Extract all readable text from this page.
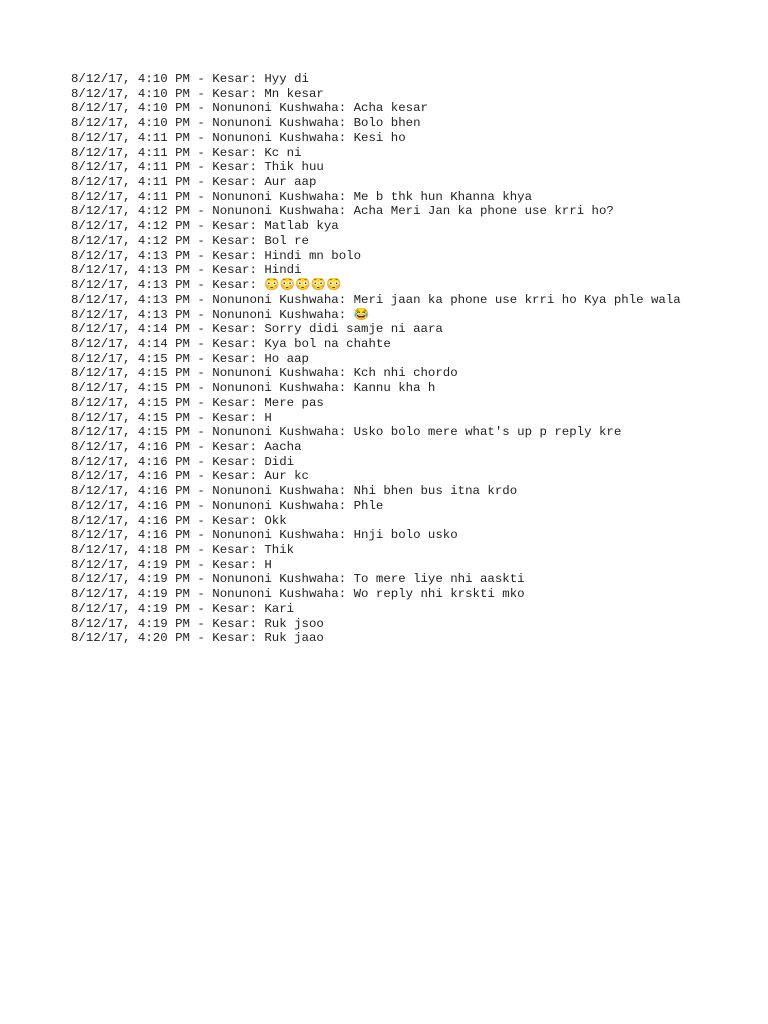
8/12/17, 4:10 PM - Kesar: Hyy di
8/12/17, 4:10 PM - Kesar: Mn kesar
8/12/17, 4:10 PM - Nonunoni Kushwaha: Acha kesar
8/12/17, 4:10 PM - Nonunoni Kushwaha: Bolo bhen
8/12/17, 4:11 PM - Nonunoni Kushwaha: Kesi ho
8/12/17, 4:11 PM - Kesar: Kc ni
8/12/17, 4:11 PM - Kesar: Thik huu
8/12/17, 4:11 PM - Kesar: Aur aap
8/12/17, 4:11 PM - Nonunoni Kushwaha: Me b thk hun Khanna khya
8/12/17, 4:12 PM - Nonunoni Kushwaha: Acha Meri Jan ka phone use krri ho?
8/12/17, 4:12 PM - Kesar: Matlab kya
8/12/17, 4:12 PM - Kesar: Bol re
8/12/17, 4:13 PM - Kesar: Hindi mn bolo
8/12/17, 4:13 PM - Kesar: Hindi
8/12/17, 4:13 PM - Kesar: 😳😳😳😳😳
8/12/17, 4:13 PM - Nonunoni Kushwaha: Meri jaan ka phone use krri ho Kya phle wala
8/12/17, 4:13 PM - Nonunoni Kushwaha: 😂
8/12/17, 4:14 PM - Kesar: Sorry didi samje ni aara
8/12/17, 4:14 PM - Kesar: Kya bol na chahte
8/12/17, 4:15 PM - Kesar: Ho aap
8/12/17, 4:15 PM - Nonunoni Kushwaha: Kch nhi chordo
8/12/17, 4:15 PM - Nonunoni Kushwaha: Kannu kha h
8/12/17, 4:15 PM - Kesar: Mere pas
8/12/17, 4:15 PM - Kesar: H
8/12/17, 4:15 PM - Nonunoni Kushwaha: Usko bolo mere what's up p reply kre
8/12/17, 4:16 PM - Kesar: Aacha
8/12/17, 4:16 PM - Kesar: Didi
8/12/17, 4:16 PM - Kesar: Aur kc
8/12/17, 4:16 PM - Nonunoni Kushwaha: Nhi bhen bus itna krdo
8/12/17, 4:16 PM - Nonunoni Kushwaha: Phle
8/12/17, 4:16 PM - Kesar: Okk
8/12/17, 4:16 PM - Nonunoni Kushwaha: Hnji bolo usko
8/12/17, 4:18 PM - Kesar: Thik
8/12/17, 4:19 PM - Kesar: H
8/12/17, 4:19 PM - Nonunoni Kushwaha: To mere liye nhi aaskti
8/12/17, 4:19 PM - Nonunoni Kushwaha: Wo reply nhi krskti mko
8/12/17, 4:19 PM - Kesar: Kari
8/12/17, 4:19 PM - Kesar: Ruk jsoo
8/12/17, 4:20 PM - Kesar: Ruk jaao
